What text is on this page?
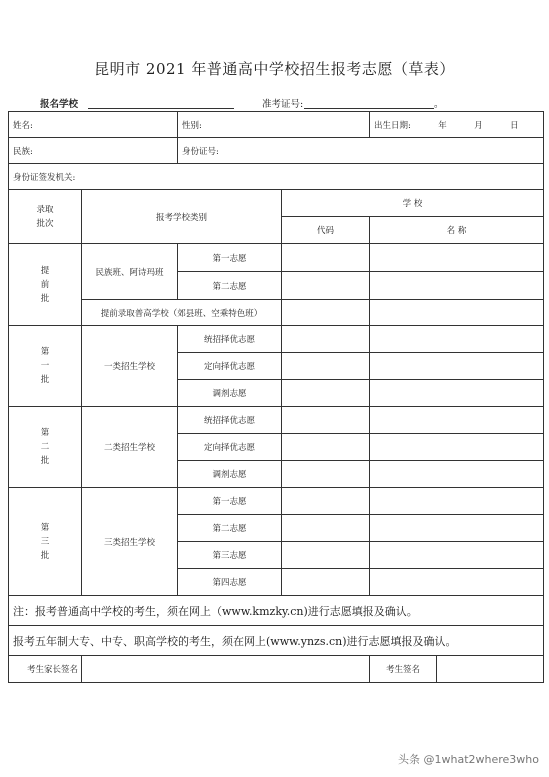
昆明市 2021 年普通高中学校招生报考志愿（草表）
报名学校	准考证号:	。
姓名:		性别:		出生日期: 年 月 日
民族:		身份证号:		
身份证签发机关:				

录取
批次	报考学校类别		学 校	
			代码	名 称

提
前
批	民族班、阿诗玛班	第一志愿		
		第二志愿		
	提前录取普高学校（郊县班、空乘特色班）			

第
一
批	一类招生学校	统招择优志愿		
		定向择优志愿		
		调剂志愿		

第
二
批	二类招生学校	统招择优志愿		
		定向择优志愿		
		调剂志愿		

第
三
批	三类招生学校	第一志愿		
		第二志愿		
		第三志愿		
		第四志愿		
注：报考普通高中学校的考生，须在网上（www.kmzky.cn)进行志愿填报及确认。				
报考五年制大专、中专、职高学校的考生，须在网上(www.ynzs.cn)进行志愿填报及确认。				
考生家长签名				考生签名
头条 @1what2where3who
